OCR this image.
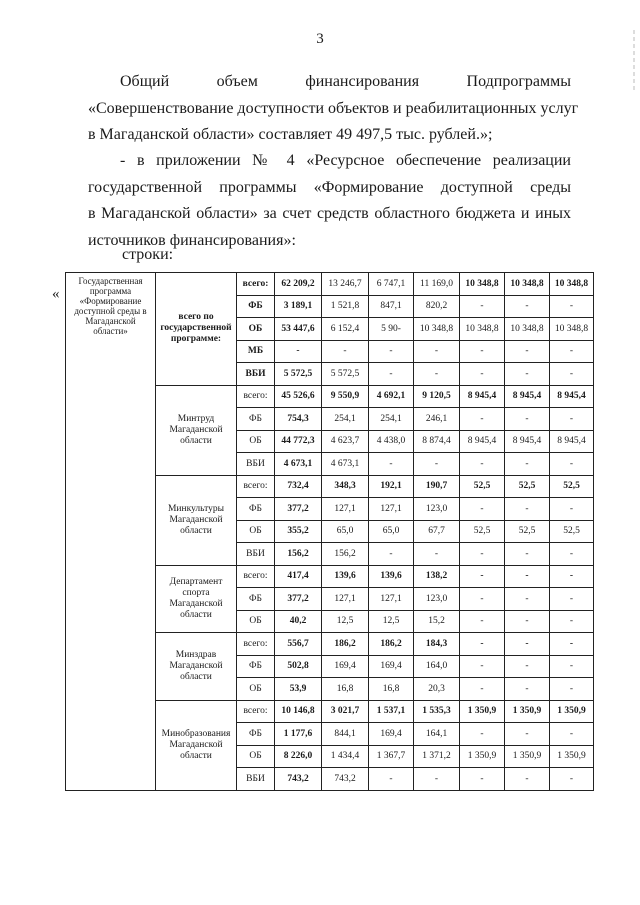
3
Общий объем финансирования Подпрограммы
«Совершенствование доступности объектов и реабилитационных услуг
в Магаданской области» составляет 49 497,5 тыс. рублей.»;
- в приложении № 4 «Ресурсное обеспечение реализации
государственной программы «Формирование доступной среды
в Магаданской области» за счет средств областного бюджета и иных
источников финансирования»:
строки:
«
Государственная программа «Формирование доступной среды в Магаданской области»	всего по государственной программе:	всего:	62 209,2	13 246,7	6 747,1	11 169,0	10 348,8	10 348,8	10 348,8
		ФБ	3 189,1	1 521,8	847,1	820,2	-	-	-
		ОБ	53 447,6	6 152,4	5 90-	10 348,8	10 348,8	10 348,8	10 348,8
		МБ	-	-	-	-	-	-	-
		ВБИ	5 572,5	5 572,5	-	-	-	-	-
	Минтруд Магаданской области	всего:	45 526,6	9 550,9	4 692,1	9 120,5	8 945,4	8 945,4	8 945,4
		ФБ	754,3	254,1	254,1	246,1	-	-	-
		ОБ	44 772,3	4 623,7	4 438,0	8 874,4	8 945,4	8 945,4	8 945,4
		ВБИ	4 673,1	4 673,1	-	-	-	-	-
	Минкультуры Магаданской области	всего:	732,4	348,3	192,1	190,7	52,5	52,5	52,5
		ФБ	377,2	127,1	127,1	123,0	-	-	-
		ОБ	355,2	65,0	65,0	67,7	52,5	52,5	52,5
		ВБИ	156,2	156,2	-	-	-	-	-
	Департамент спорта Магаданской области	всего:	417,4	139,6	139,6	138,2	-	-	-
		ФБ	377,2	127,1	127,1	123,0	-	-	-
		ОБ	40,2	12,5	12,5	15,2	-	-	-
	Минздрав Магаданской области	всего:	556,7	186,2	186,2	184,3	-	-	-
		ФБ	502,8	169,4	169,4	164,0	-	-	-
		ОБ	53,9	16,8	16,8	20,3	-	-	-
	Минобразования Магаданской области	всего:	10 146,8	3 021,7	1 537,1	1 535,3	1 350,9	1 350,9	1 350,9
		ФБ	1 177,6	844,1	169,4	164,1	-	-	-
		ОБ	8 226,0	1 434,4	1 367,7	1 371,2	1 350,9	1 350,9	1 350,9
		ВБИ	743,2	743,2	-	-	-	-	-
